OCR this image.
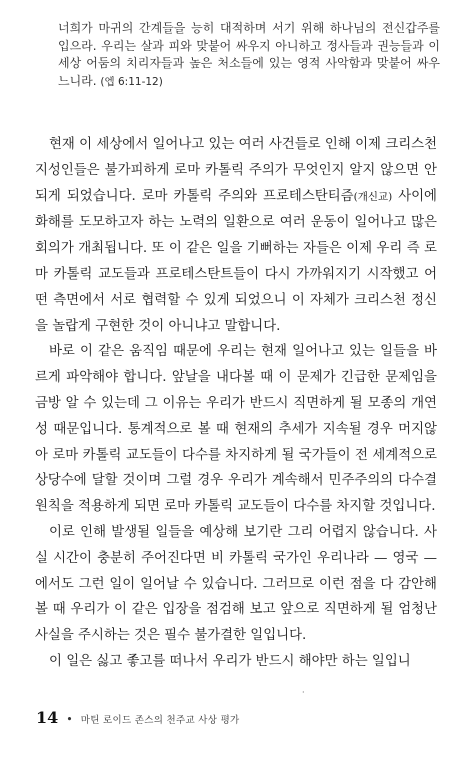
너희가 마귀의 간계들을 능히 대적하며 서기 위해 하나님의 전신갑주를 입으라. 우리는 살과 피와 맞붙어 싸우지 아니하고 정사들과 권능들과 이 세상 어둠의 치리자들과 높은 처소들에 있는 영적 사악함과 맞붙어 싸우느니라. (엡 6:11-12)

현재 이 세상에서 일어나고 있는 여러 사건들로 인해 이제 크리스천 지성인들은 불가피하게 로마 카톨릭 주의가 무엇인지 알지 않으면 안 되게 되었습니다. 로마 카톨릭 주의와 프로테스탄티즘(개신교) 사이에 화해를 도모하고자 하는 노력의 일환으로 여러 운동이 일어나고 많은 회의가 개최됩니다. 또 이 같은 일을 기뻐하는 자들은 이제 우리 즉 로마 카톨릭 교도들과 프로테스탄트들이 다시 가까워지기 시작했고 어떤 측면에서 서로 협력할 수 있게 되었으니 이 자체가 크리스천 정신을 놀랍게 구현한 것이 아니냐고 말합니다.

바로 이 같은 움직임 때문에 우리는 현재 일어나고 있는 일들을 바르게 파악해야 합니다. 앞날을 내다볼 때 이 문제가 긴급한 문제임을 금방 알 수 있는데 그 이유는 우리가 반드시 직면하게 될 모종의 개연성 때문입니다. 통계적으로 볼 때 현재의 추세가 지속될 경우 머지않아 로마 카톨릭 교도들이 다수를 차지하게 될 국가들이 전 세계적으로 상당수에 달할 것이며 그럴 경우 우리가 계속해서 민주주의의 다수결 원칙을 적용하게 되면 로마 카톨릭 교도들이 다수를 차지할 것입니다.

이로 인해 발생될 일들을 예상해 보기란 그리 어렵지 않습니다. 사실 시간이 충분히 주어진다면 비 카톨릭 국가인 우리나라 — 영국 — 에서도 그런 일이 일어날 수 있습니다. 그러므로 이런 점을 다 감안해 볼 때 우리가 이 같은 입장을 점검해 보고 앞으로 직면하게 될 엄청난 사실을 주시하는 것은 필수 불가결한 일입니다.

이 일은 싫고 좋고를 떠나서 우리가 반드시 해야만 하는 일입니

·
14 • 마틴 로이드 존스의 천주교 사상 평가
